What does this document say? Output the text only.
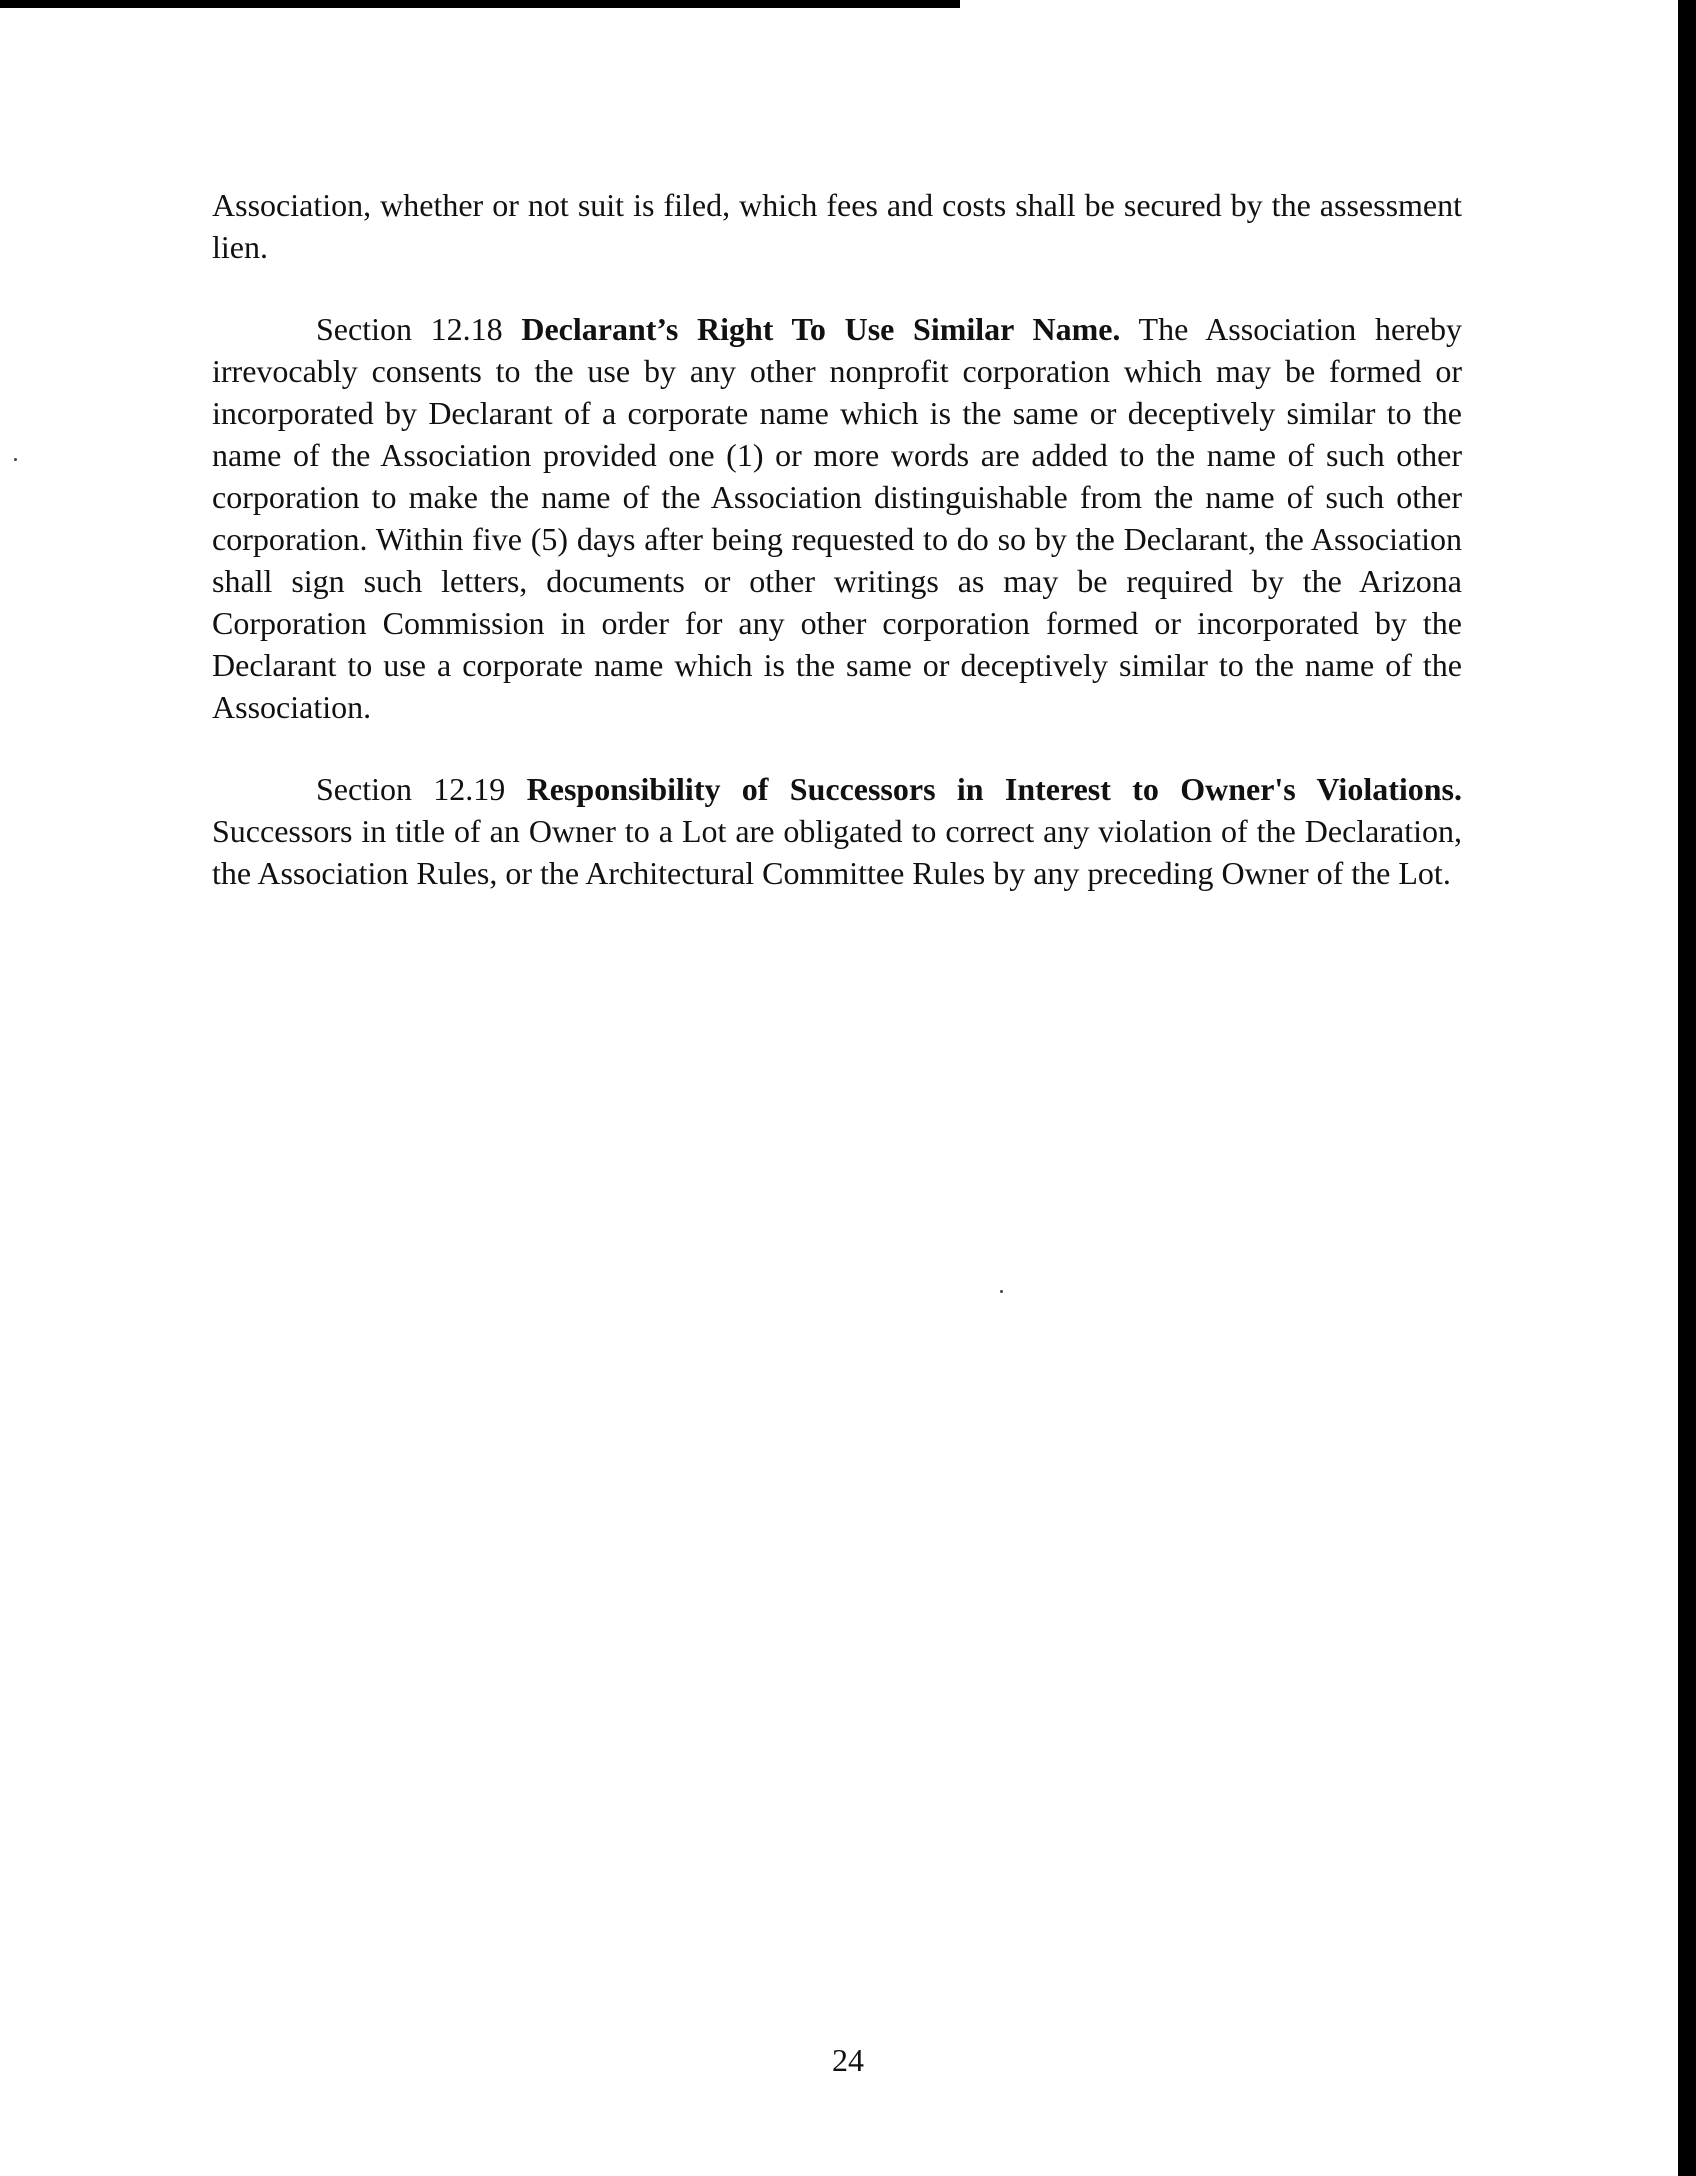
Association, whether or not suit is filed, which fees and costs shall be secured by the assessment lien.

Section 12.18 Declarant’s Right To Use Similar Name. The Association hereby irrevocably consents to the use by any other nonprofit corporation which may be formed or incorporated by Declarant of a corporate name which is the same or deceptively similar to the name of the Association provided one (1) or more words are added to the name of such other corporation to make the name of the Association distinguishable from the name of such other corporation. Within five (5) days after being requested to do so by the Declarant, the Association shall sign such letters, documents or other writings as may be required by the Arizona Corporation Commission in order for any other corporation formed or incorporated by the Declarant to use a corporate name which is the same or deceptively similar to the name of the Association.

Section 12.19 Responsibility of Successors in Interest to Owner's Violations. Successors in title of an Owner to a Lot are obligated to correct any violation of the Declaration, the Association Rules, or the Architectural Committee Rules by any preceding Owner of the Lot.

24
